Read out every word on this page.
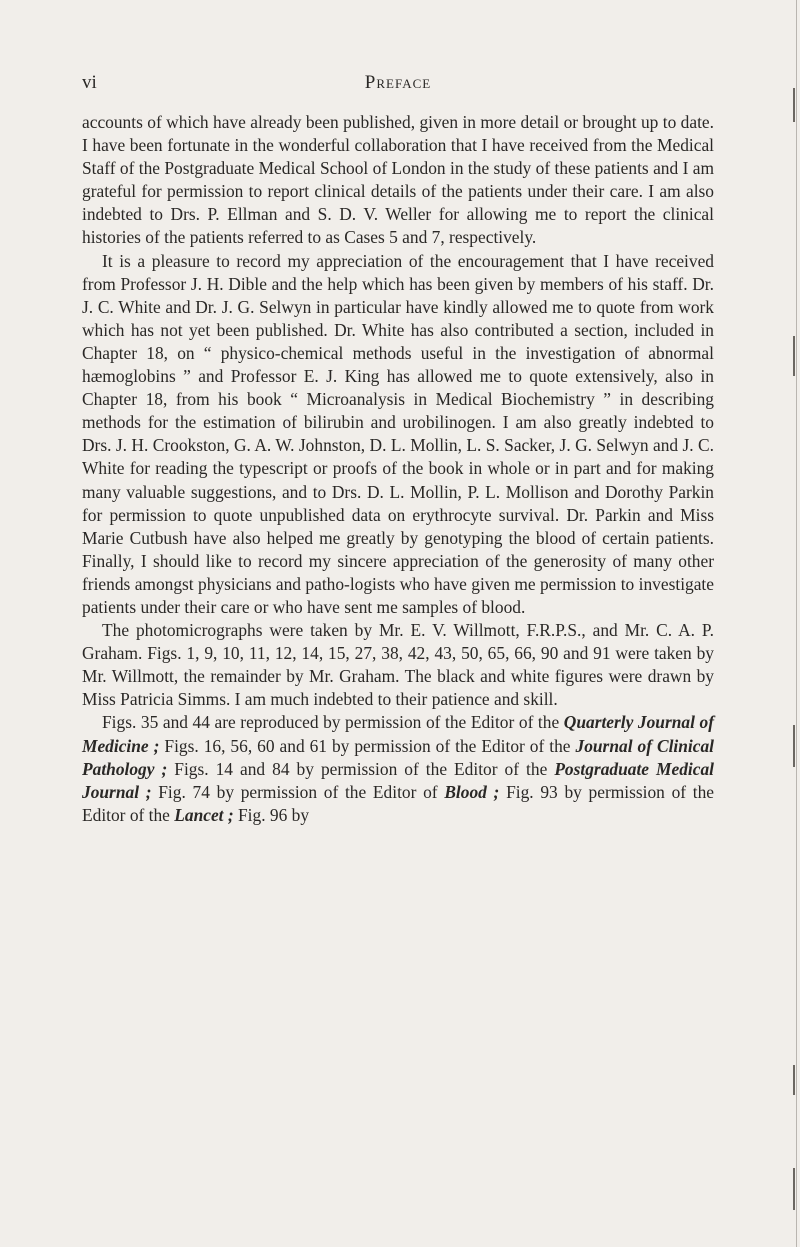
vi	Preface

accounts of which have already been published, given in more detail or brought up to date. I have been fortunate in the wonderful collaboration that I have received from the Medical Staff of the Postgraduate Medical School of London in the study of these patients and I am grateful for permission to report clinical details of the patients under their care. I am also indebted to Drs. P. Ellman and S. D. V. Weller for allowing me to report the clinical histories of the patients referred to as Cases 5 and 7, respectively.

It is a pleasure to record my appreciation of the encouragement that I have received from Professor J. H. Dible and the help which has been given by members of his staff. Dr. J. C. White and Dr. J. G. Selwyn in particular have kindly allowed me to quote from work which has not yet been published. Dr. White has also contributed a section, included in Chapter 18, on “ physico-chemical methods useful in the investigation of abnormal hæmoglobins ” and Professor E. J. King has allowed me to quote extensively, also in Chapter 18, from his book “ Microanalysis in Medical Biochemistry ” in describing methods for the estimation of bilirubin and urobilinogen. I am also greatly indebted to Drs. J. H. Crookston, G. A. W. Johnston, D. L. Mollin, L. S. Sacker, J. G. Selwyn and J. C. White for reading the typescript or proofs of the book in whole or in part and for making many valuable suggestions, and to Drs. D. L. Mollin, P. L. Mollison and Dorothy Parkin for permission to quote unpublished data on erythrocyte survival. Dr. Parkin and Miss Marie Cutbush have also helped me greatly by genotyping the blood of certain patients. Finally, I should like to record my sincere appreciation of the generosity of many other friends amongst physicians and patho-logists who have given me permission to investigate patients under their care or who have sent me samples of blood.

The photomicrographs were taken by Mr. E. V. Willmott, F.R.P.S., and Mr. C. A. P. Graham. Figs. 1, 9, 10, 11, 12, 14, 15, 27, 38, 42, 43, 50, 65, 66, 90 and 91 were taken by Mr. Willmott, the remainder by Mr. Graham. The black and white figures were drawn by Miss Patricia Simms. I am much indebted to their patience and skill.

Figs. 35 and 44 are reproduced by permission of the Editor of the Quarterly Journal of Medicine ; Figs. 16, 56, 60 and 61 by permission of the Editor of the Journal of Clinical Pathology ; Figs. 14 and 84 by permission of the Editor of the Postgraduate Medical Journal ; Fig. 74 by permission of the Editor of Blood ; Fig. 93 by permission of the Editor of the Lancet ; Fig. 96 by
